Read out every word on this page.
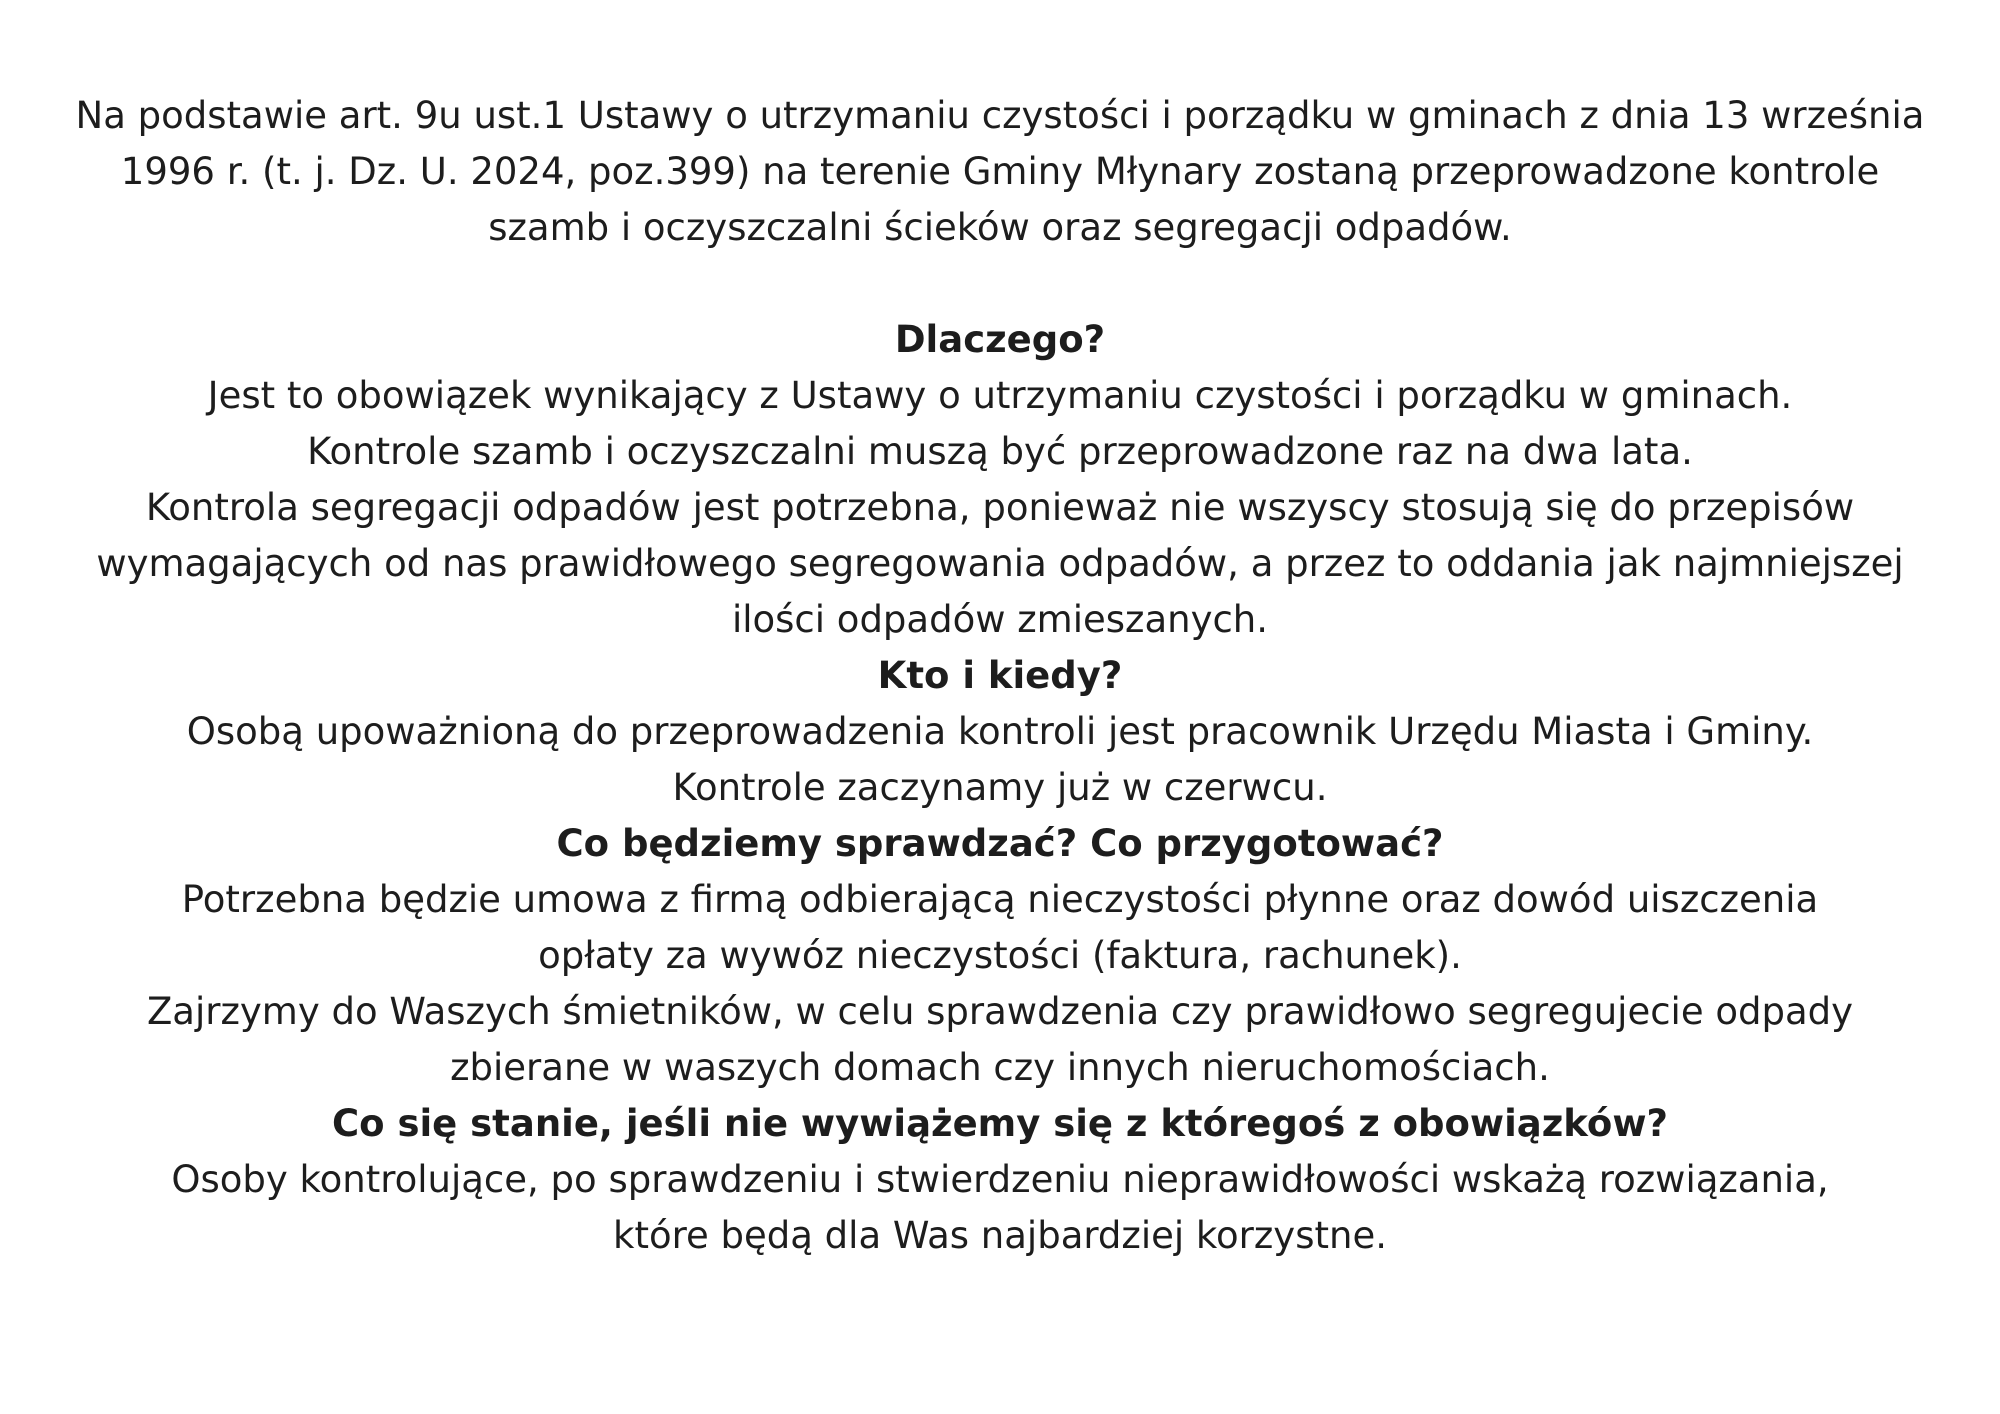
Na podstawie art. 9u ust.1 Ustawy o utrzymaniu czystości i porządku w gminach z dnia 13 września
1996 r. (t. j. Dz. U. 2024, poz.399) na terenie Gminy Młynary zostaną przeprowadzone kontrole
szamb i oczyszczalni ścieków oraz segregacji odpadów.
Dlaczego?
Jest to obowiązek wynikający z Ustawy o utrzymaniu czystości i porządku w gminach.
Kontrole szamb i oczyszczalni muszą być przeprowadzone raz na dwa lata.
Kontrola segregacji odpadów jest potrzebna, ponieważ nie wszyscy stosują się do przepisów
wymagających od nas prawidłowego segregowania odpadów, a przez to oddania jak najmniejszej
ilości odpadów zmieszanych.
Kto i kiedy?
Osobą upoważnioną do przeprowadzenia kontroli jest pracownik Urzędu Miasta i Gminy.
Kontrole zaczynamy już w czerwcu.
Co będziemy sprawdzać? Co przygotować?
Potrzebna będzie umowa z firmą odbierającą nieczystości płynne oraz dowód uiszczenia
opłaty za wywóz nieczystości (faktura, rachunek).
Zajrzymy do Waszych śmietników, w celu sprawdzenia czy prawidłowo segregujecie odpady
zbierane w waszych domach czy innych nieruchomościach.
Co się stanie, jeśli nie wywiążemy się z któregoś z obowiązków?
Osoby kontrolujące, po sprawdzeniu i stwierdzeniu nieprawidłowości wskażą rozwiązania,
które będą dla Was najbardziej korzystne.
